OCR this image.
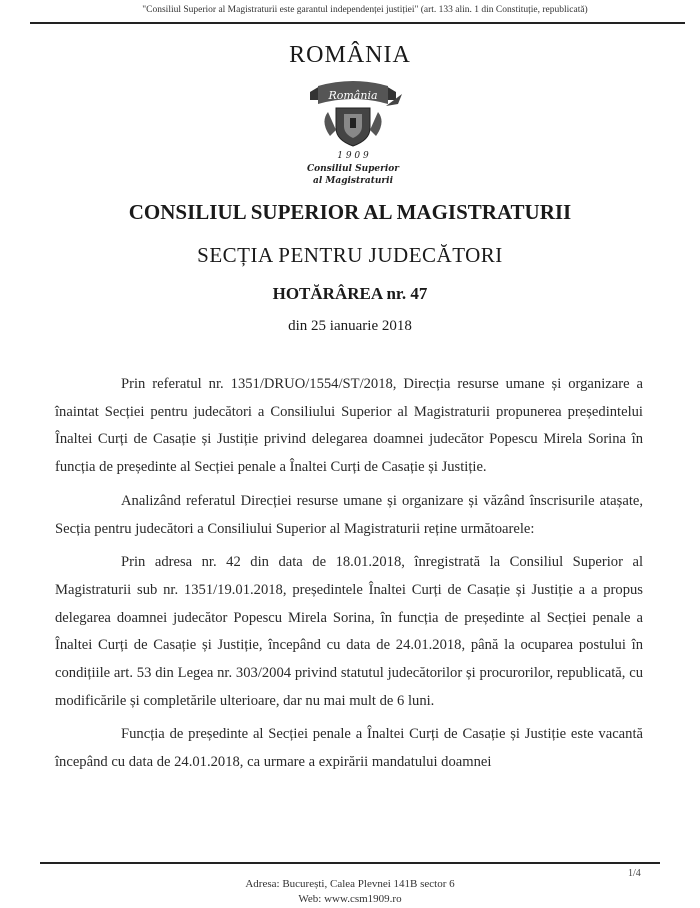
"Consiliul Superior al Magistraturii este garantul independenței justiției" (art. 133 alin. 1 din Constituție, republicată)
ROMÂNIA
România
1 9 0 9
Consiliul Superior
al Magistraturii
CONSILIUL SUPERIOR AL MAGISTRATURII
SECȚIA PENTRU JUDECĂTORI
HOTĂRÂREA nr. 47
din 25 ianuarie 2018

Prin referatul nr. 1351/DRUO/1554/ST/2018, Direcția resurse umane și organizare a înaintat Secției pentru judecători a Consiliului Superior al Magistraturii propunerea președintelui Înaltei Curți de Casație și Justiție privind delegarea doamnei judecător Popescu Mirela Sorina în funcția de președinte al Secției penale a Înaltei Curți de Casație și Justiție.

Analizând referatul Direcției resurse umane și organizare și văzând înscrisurile atașate, Secția pentru judecători a Consiliului Superior al Magistraturii reține următoarele:

Prin adresa nr. 42 din data de 18.01.2018, înregistrată la Consiliul Superior al Magistraturii sub nr. 1351/19.01.2018, președintele Înaltei Curți de Casație și Justiție a a propus delegarea doamnei judecător Popescu Mirela Sorina, în funcția de președinte al Secției penale a Înaltei Curți de Casație și Justiție, începând cu data de 24.01.2018, până la ocuparea postului în condițiile art. 53 din Legea nr. 303/2004 privind statutul judecătorilor și procurorilor, republicată, cu modificările și completările ulterioare, dar nu mai mult de 6 luni.

Funcția de președinte al Secției penale a Înaltei Curți de Casație și Justiție este vacantă începând cu data de 24.01.2018, ca urmare a expirării mandatului doamnei

1/4
Adresa: București, Calea Plevnei 141B sector 6
Web: www.csm1909.ro
